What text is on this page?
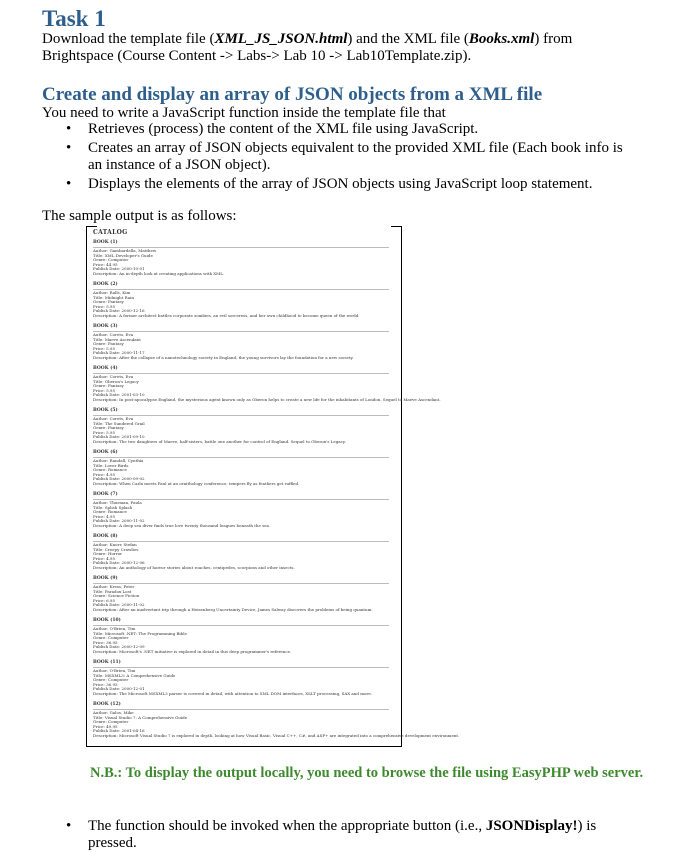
Task 1
Download the template file (XML_JS_JSON.html) and the XML file (Books.xml) from
Brightspace (Course Content -> Labs-> Lab 10 -> Lab10Template.zip).
Create and display an array of JSON objects from a XML file
You need to write a JavaScript function inside the template file that
• Retrieves (process) the content of the XML file using JavaScript.
• Creates an array of JSON objects equivalent to the provided XML file (Each book info is an instance of a JSON object).
• Displays the elements of the array of JSON objects using JavaScript loop statement.
The sample output is as follows:
CATALOG
BOOK (1)
Author: Gambardella, Matthew
Title: XML Developer's Guide
Genre: Computer
Price: 44.95
Publish Date: 2000-10-01
Description: An in-depth look at creating applications with XML.
BOOK (2)
Author: Ralls, Kim
Title: Midnight Rain
Genre: Fantasy
Price: 5.95
Publish Date: 2000-12-16
Description: A former architect battles corporate zombies, an evil sorceress, and her own childhood to become queen of the world.
BOOK (3)
Author: Corets, Eva
Title: Maeve Ascendant
Genre: Fantasy
Price: 5.95
Publish Date: 2000-11-17
Description: After the collapse of a nanotechnology society in England, the young survivors lay the foundation for a new society.
BOOK (4)
Author: Corets, Eva
Title: Oberon's Legacy
Genre: Fantasy
Price: 5.95
Publish Date: 2001-03-10
Description: In post-apocalypse England, the mysterious agent known only as Oberon helps to create a new life for the inhabitants of London. Sequel to Maeve Ascendant.
BOOK (5)
Author: Corets, Eva
Title: The Sundered Grail
Genre: Fantasy
Price: 5.95
Publish Date: 2001-09-10
Description: The two daughters of Maeve, half-sisters, battle one another for control of England. Sequel to Oberon's Legacy.
BOOK (6)
Author: Randall, Cynthia
Title: Lover Birds
Genre: Romance
Price: 4.95
Publish Date: 2000-09-02
Description: When Carla meets Paul at an ornithology conference, tempers fly as feathers get ruffled.
BOOK (7)
Author: Thurman, Paula
Title: Splish Splash
Genre: Romance
Price: 4.95
Publish Date: 2000-11-02
Description: A deep sea diver finds true love twenty thousand leagues beneath the sea.
BOOK (8)
Author: Knorr, Stefan
Title: Creepy Crawlies
Genre: Horror
Price: 4.95
Publish Date: 2000-12-06
Description: An anthology of horror stories about roaches, centipedes, scorpions and other insects.
BOOK (9)
Author: Kress, Peter
Title: Paradox Lost
Genre: Science Fiction
Price: 6.95
Publish Date: 2000-11-02
Description: After an inadvertant trip through a Heisenberg Uncertainty Device, James Salway discovers the problems of being quantum.
BOOK (10)
Author: O'Brien, Tim
Title: Microsoft .NET: The Programming Bible
Genre: Computer
Price: 36.95
Publish Date: 2000-12-09
Description: Microsoft's .NET initiative is explored in detail in this deep programmer's reference.
BOOK (11)
Author: O'Brien, Tim
Title: MSXML3: A Comprehensive Guide
Genre: Computer
Price: 36.95
Publish Date: 2000-12-01
Description: The Microsoft MSXML3 parser is covered in detail, with attention to XML DOM interfaces, XSLT processing, SAX and more.
BOOK (12)
Author: Galos, Mike
Title: Visual Studio 7: A Comprehensive Guide
Genre: Computer
Price: 49.95
Publish Date: 2001-04-16
Description: Microsoft Visual Studio 7 is explored in depth, looking at how Visual Basic, Visual C++, C#, and ASP+ are integrated into a comprehensive development environment.
N.B.: To display the output locally, you need to browse the file using EasyPHP web server.
• The function should be invoked when the appropriate button (i.e., JSONDisplay!) is pressed.
